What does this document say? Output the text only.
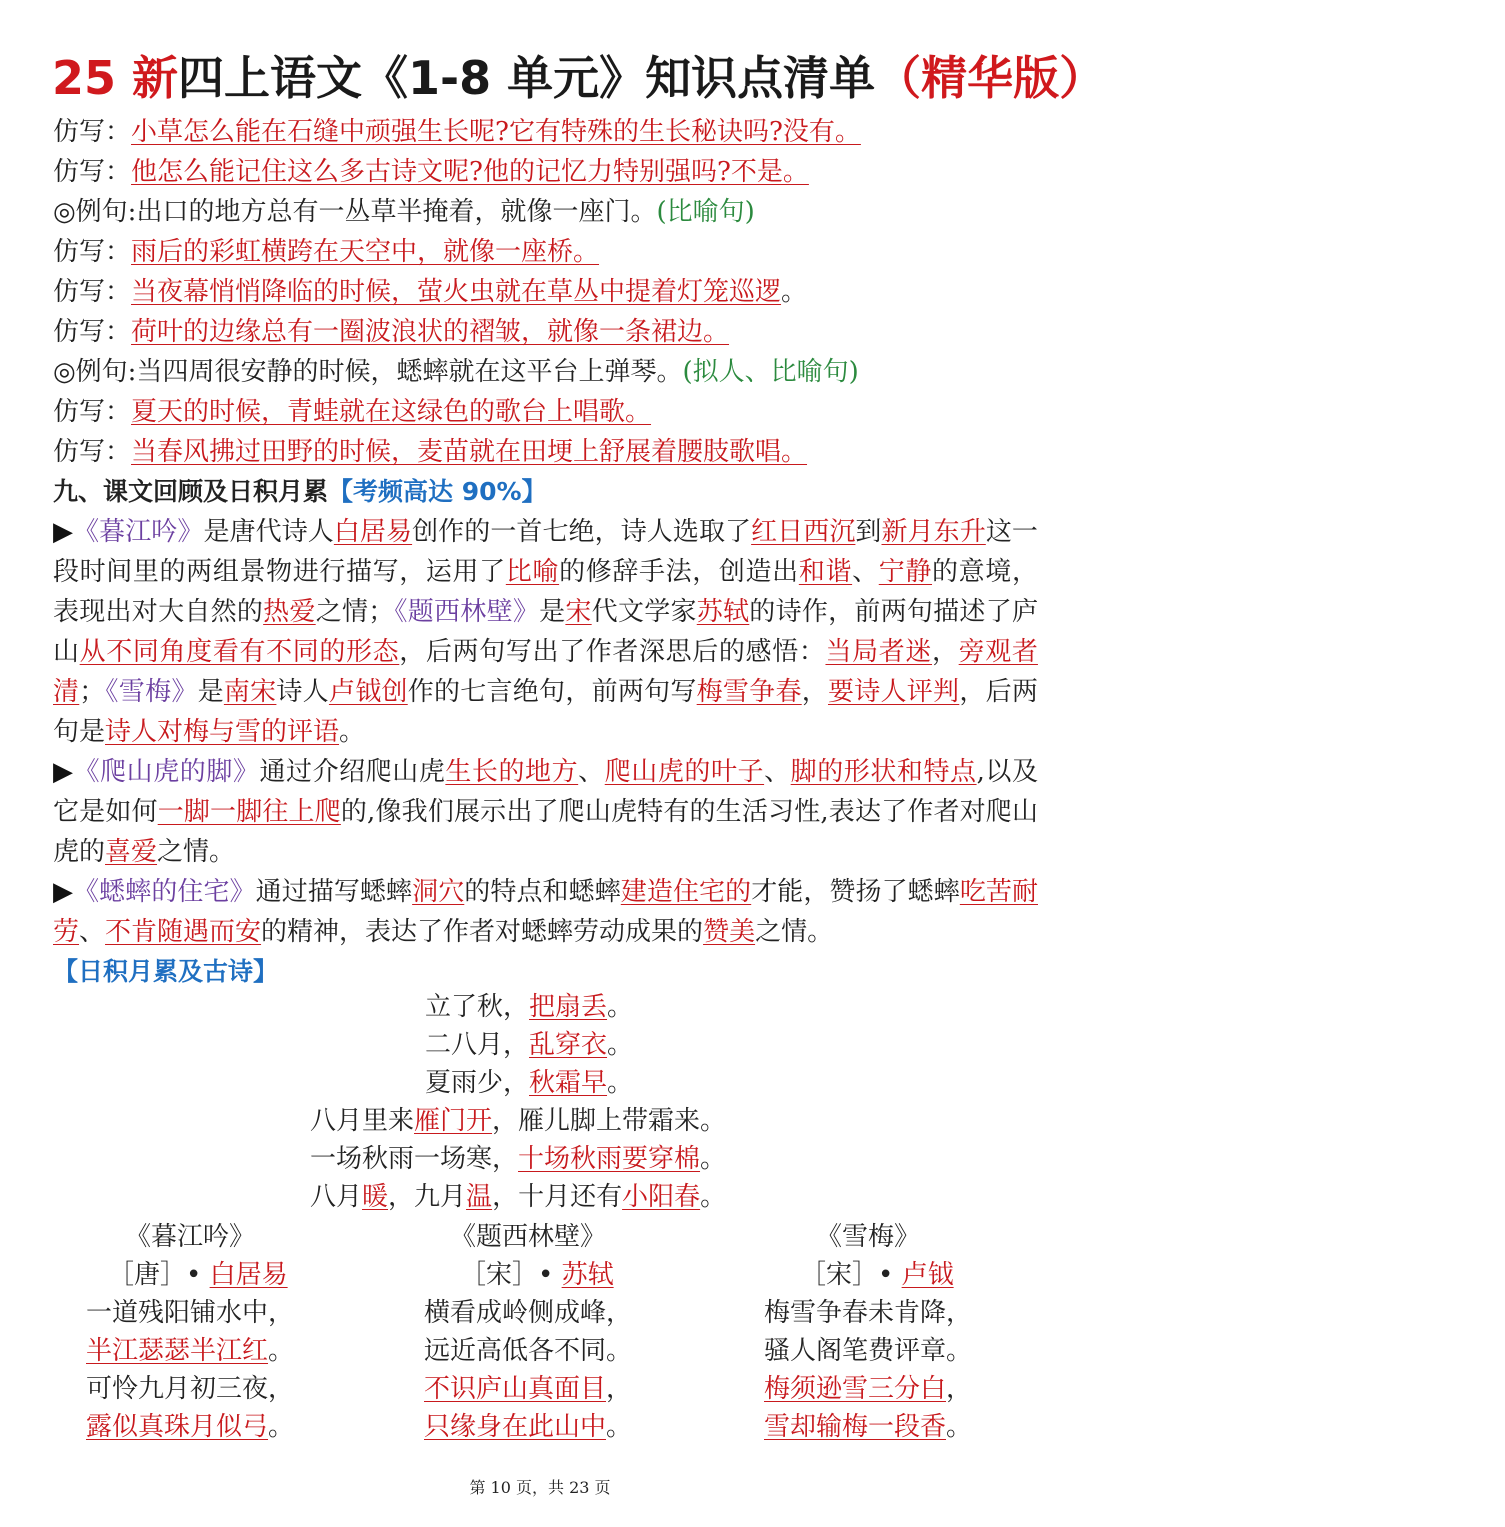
25 新四上语文《1-8 单元》知识点清单（精华版）
仿写：小草怎么能在石缝中顽强生长呢?它有特殊的生长秘诀吗?没有。
仿写：他怎么能记住这么多古诗文呢?他的记忆力特别强吗?不是。
◎例句:出口的地方总有一丛草半掩着，就像一座门。(比喻句)
仿写：雨后的彩虹横跨在天空中，就像一座桥。
仿写：当夜幕悄悄降临的时候，萤火虫就在草丛中提着灯笼巡逻。
仿写：荷叶的边缘总有一圈波浪状的褶皱，就像一条裙边。
◎例句:当四周很安静的时候，蟋蟀就在这平台上弹琴。(拟人、比喻句)
仿写：夏天的时候，青蛙就在这绿色的歌台上唱歌。
仿写：当春风拂过田野的时候，麦苗就在田埂上舒展着腰肢歌唱。
九、课文回顾及日积月累【考频高达 90%】
▶《暮江吟》是唐代诗人白居易创作的一首七绝，诗人选取了红日西沉到新月东升这一段时间里的两组景物进行描写，运用了比喻的修辞手法，创造出和谐、宁静的意境，表现出对大自然的热爱之情；《题西林壁》是宋代文学家苏轼的诗作，前两句描述了庐山从不同角度看有不同的形态，后两句写出了作者深思后的感悟：当局者迷，旁观者清；《雪梅》是南宋诗人卢钺创作的七言绝句，前两句写梅雪争春，要诗人评判，后两句是诗人对梅与雪的评语。
▶《爬山虎的脚》通过介绍爬山虎生长的地方、爬山虎的叶子、脚的形状和特点,以及它是如何一脚一脚往上爬的,像我们展示出了爬山虎特有的生活习性,表达了作者对爬山虎的喜爱之情。
▶《蟋蟀的住宅》通过描写蟋蟀洞穴的特点和蟋蟀建造住宅的才能，赞扬了蟋蟀吃苦耐劳、不肯随遇而安的精神，表达了作者对蟋蟀劳动成果的赞美之情。
【日积月累及古诗】
立了秋，把扇丢。
二八月，乱穿衣。
夏雨少，秋霜早。
八月里来雁门开，雁儿脚上带霜来。
一场秋雨一场寒，十场秋雨要穿棉。
八月暖，九月温，十月还有小阳春。
《暮江吟》
［唐］• 白居易
一道残阳铺水中，
半江瑟瑟半江红。
可怜九月初三夜，
露似真珠月似弓。
《题西林壁》
［宋］• 苏轼
横看成岭侧成峰，
远近高低各不同。
不识庐山真面目，
只缘身在此山中。
《雪梅》
［宋］• 卢钺
梅雪争春未肯降，
骚人阁笔费评章。
梅须逊雪三分白，
雪却输梅一段香。
第 10 页，共 23 页
